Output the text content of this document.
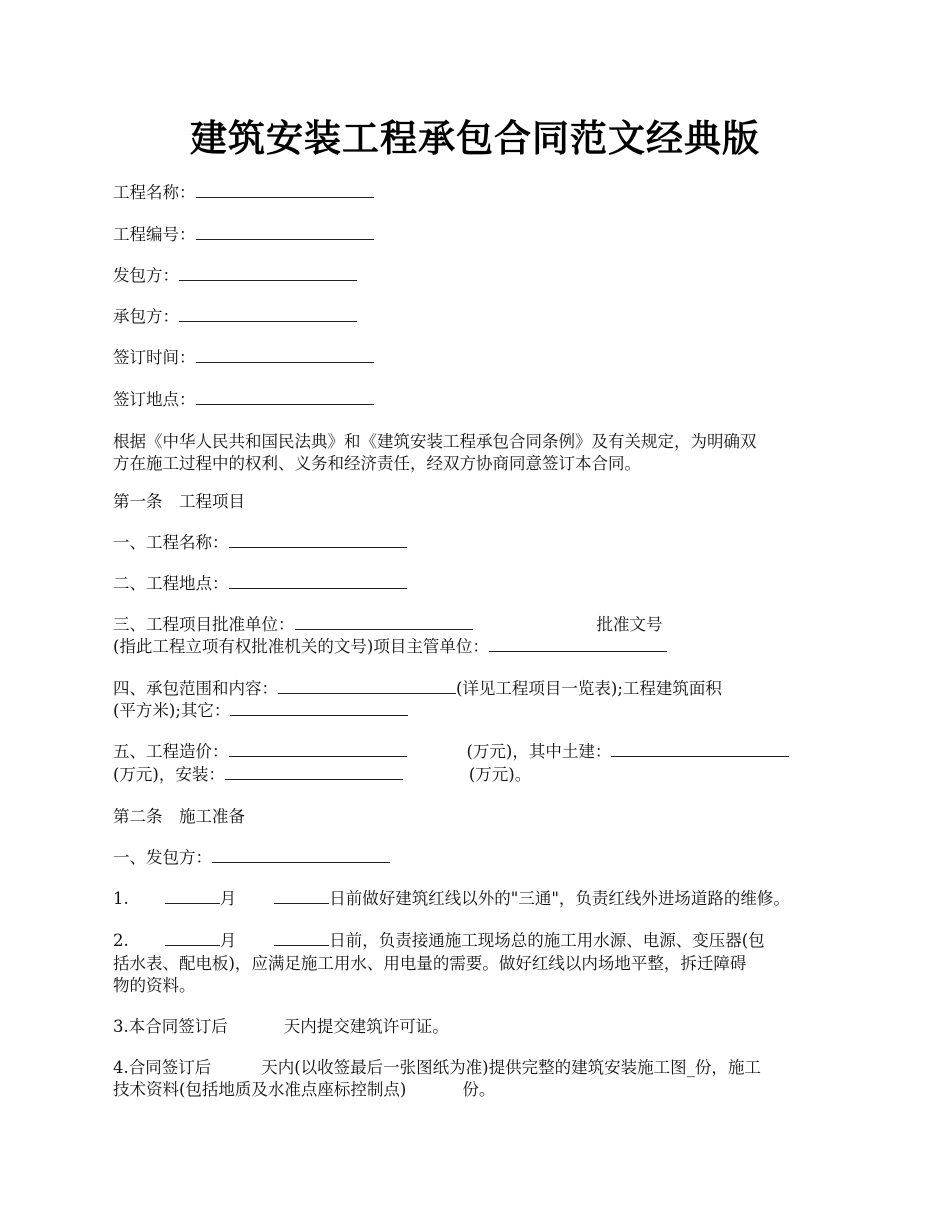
建筑安装工程承包合同范文经典版

工程名称：

工程编号：

发包方：

承包方：

签订时间：

签订地点：

根据《中华人民共和国民法典》和《建筑安装工程承包合同条例》及有关规定，为明确双

方在施工过程中的权利、义务和经济责任，经双方协商同意签订本合同。

第一条　工程项目

一、工程名称：

二、工程地点：

三、工程项目批准单位：	批准文号

(指此工程立项有权批准机关的文号)项目主管单位：

四、承包范围和内容：	(详见工程项目一览表);工程建筑面积

(平方米);其它：

五、工程造价：	(万元)，其中土建：

(万元)，安装：	(万元)。

第二条　施工准备

一、发包方：

1.	月	日前做好建筑红线以外的"三通"，负责红线外进场道路的维修。

2.	月	日前，负责接通施工现场总的施工用水源、电源、变压器(包

括水表、配电板)，应满足施工用水、用电量的需要。做好红线以内场地平整，拆迁障碍

物的资料。

3.本合同签订后	天内提交建筑许可证。

4.合同签订后	天内(以收签最后一张图纸为准)提供完整的建筑安装施工图_份，施工

技术资料(包括地质及水准点座标控制点)	份。
